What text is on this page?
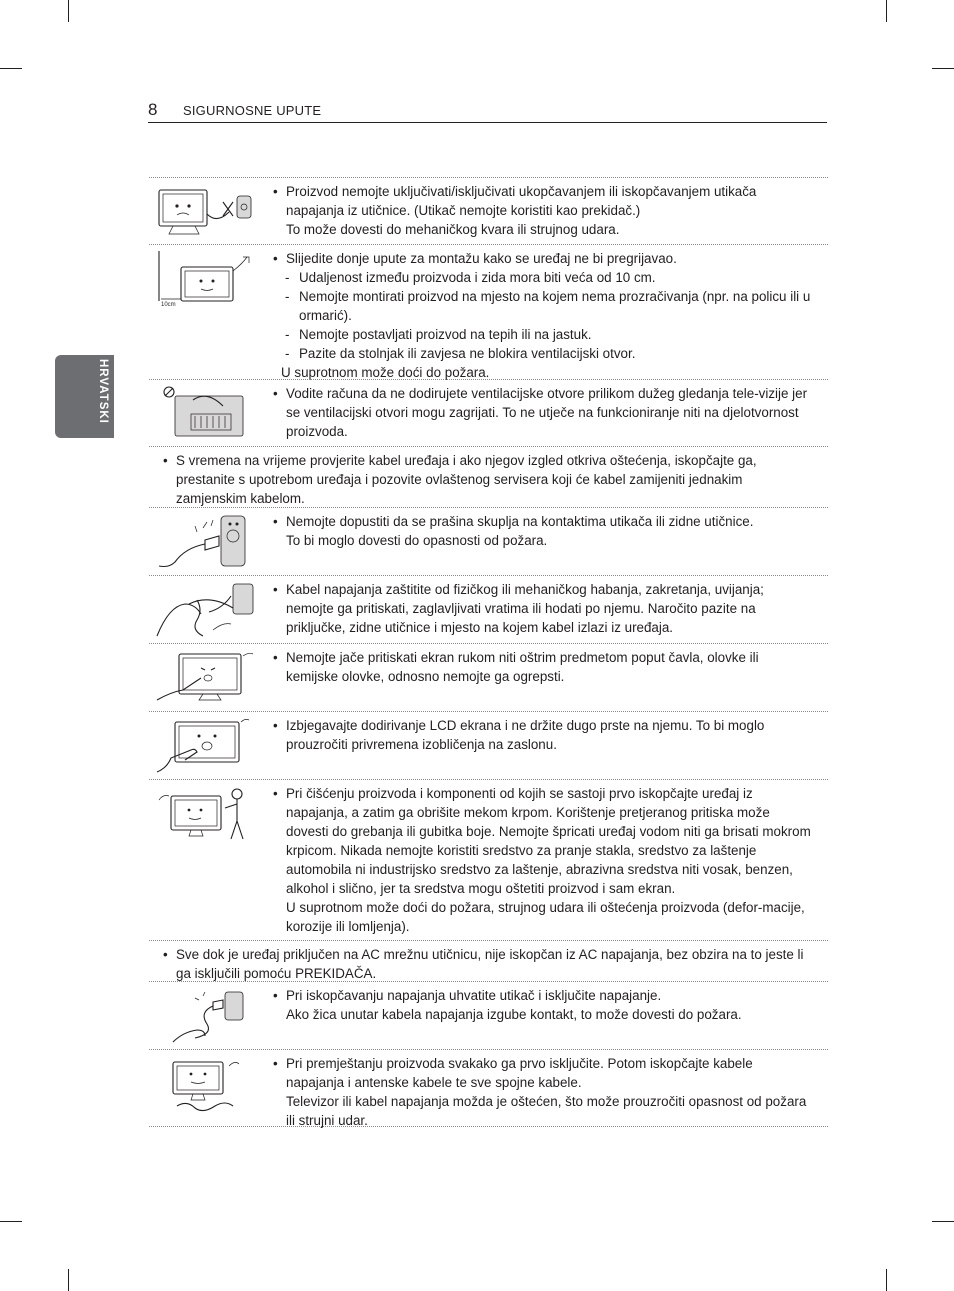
8 SIGURNOSNE UPUTE
HRVATSKI
• Proizvod nemojte uključivati/isključivati ukopčavanjem ili iskopčavanjem utikača napajanja iz utičnice. (Utikač nemojte koristiti kao prekidač.)
To može dovesti do mehaničkog kvara ili strujnog udara.
10cm
• Slijedite donje upute za montažu kako se uređaj ne bi pregrijavao.
- Udaljenost između proizvoda i zida mora biti veća od 10 cm.
- Nemojte montirati proizvod na mjesto na kojem nema prozračivanja (npr. na policu ili u ormarić).
- Nemojte postavljati proizvod na tepih ili na jastuk.
- Pazite da stolnjak ili zavjesa ne blokira ventilacijski otvor.
U suprotnom može doći do požara.
• Vodite računa da ne dodirujete ventilacijske otvore prilikom dužeg gledanja tele-vizije jer se ventilacijski otvori mogu zagrijati. To ne utječe na funkcioniranje niti na djelotvornost proizvoda.
• S vremena na vrijeme provjerite kabel uređaja i ako njegov izgled otkriva oštećenja, iskopčajte ga, prestanite s upotrebom uređaja i pozovite ovlaštenog servisera koji će kabel zamijeniti jednakim zamjenskim kabelom.
• Nemojte dopustiti da se prašina skuplja na kontaktima utikača ili zidne utičnice.
To bi moglo dovesti do opasnosti od požara.
• Kabel napajanja zaštitite od fizičkog ili mehaničkog habanja, zakretanja, uvijanja; nemojte ga pritiskati, zaglavljivati vratima ili hodati po njemu. Naročito pazite na priključke, zidne utičnice i mjesto na kojem kabel izlazi iz uređaja.
• Nemojte jače pritiskati ekran rukom niti oštrim predmetom poput čavla, olovke ili kemijske olovke, odnosno nemojte ga ogrepsti.
• Izbjegavajte dodirivanje LCD ekrana i ne držite dugo prste na njemu. To bi moglo prouzročiti privremena izobličenja na zaslonu.
• Pri čišćenju proizvoda i komponenti od kojih se sastoji prvo iskopčajte uređaj iz napajanja, a zatim ga obrišite mekom krpom. Korištenje pretjeranog pritiska može dovesti do grebanja ili gubitka boje. Nemojte špricati uređaj vodom niti ga brisati mokrom krpicom. Nikada nemojte koristiti sredstvo za pranje stakla, sredstvo za laštenje automobila ni industrijsko sredstvo za laštenje, abrazivna sredstva niti vosak, benzen, alkohol i slično, jer ta sredstva mogu oštetiti proizvod i sam ekran.
U suprotnom može doći do požara, strujnog udara ili oštećenja proizvoda (defor-macije, korozije ili lomljenja).
• Sve dok je uređaj priključen na AC mrežnu utičnicu, nije iskopčan iz AC napajanja, bez obzira na to jeste li ga isključili pomoću PREKIDAČA.
• Pri iskopčavanju napajanja uhvatite utikač i isključite napajanje.
Ako žica unutar kabela napajanja izgube kontakt, to može dovesti do požara.
• Pri premještanju proizvoda svakako ga prvo isključite. Potom iskopčajte kabele napajanja i antenske kabele te sve spojne kabele.
Televizor ili kabel napajanja možda je oštećen, što može prouzročiti opasnost od požara ili strujni udar.
